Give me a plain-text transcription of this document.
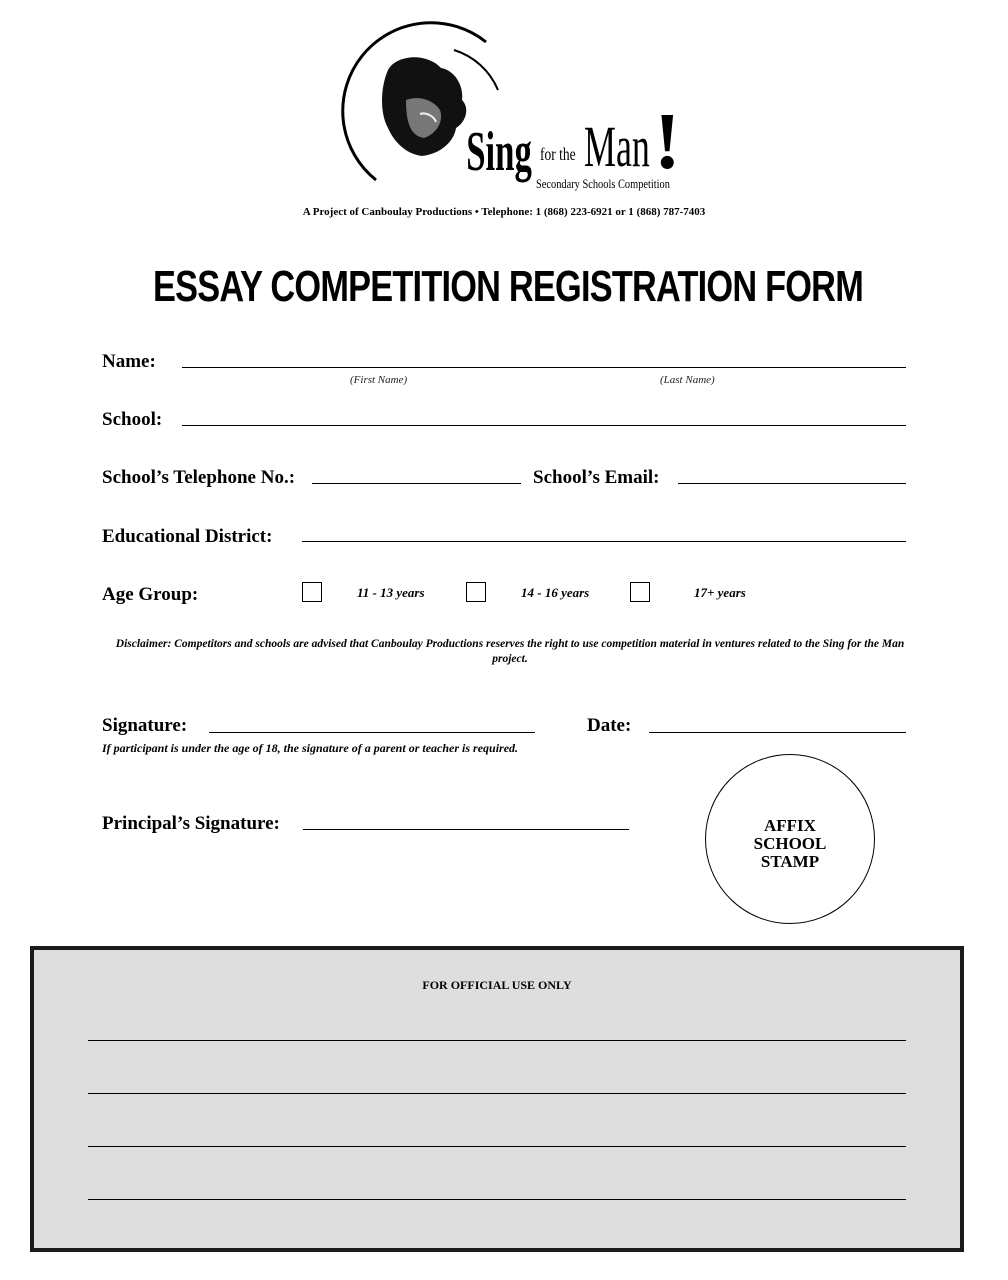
Sing for the Man !
Secondary Schools Competition
A Project of Canboulay Productions • Telephone: 1 (868) 223-6921 or 1 (868) 787-7403
ESSAY COMPETITION REGISTRATION FORM
Name:
(First Name)	(Last Name)
School:
School’s Telephone No.:	School’s Email:
Educational District:
Age Group:	11 - 13 years	14 - 16 years	17+ years
Disclaimer: Competitors and schools are advised that Canboulay Productions reserves the right to use competition material in ventures related to the Sing for the Man project.
Signature:	Date:
If participant is under the age of 18, the signature of a parent or teacher is required.
Principal’s Signature:	AFFIX
SCHOOL
STAMP
FOR OFFICIAL USE ONLY
